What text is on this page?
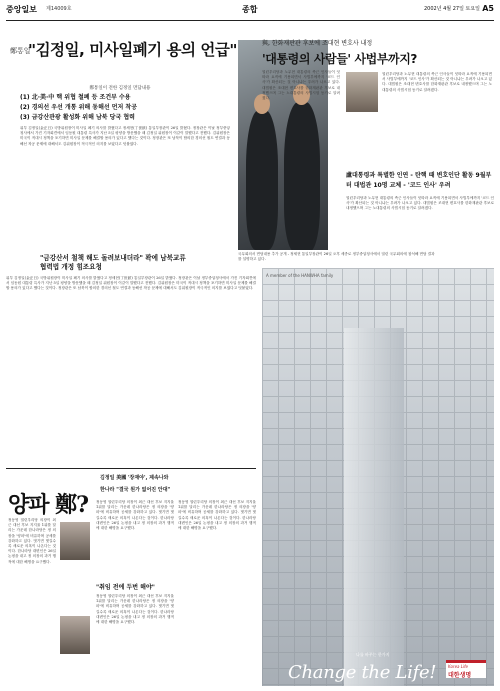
중앙일보 제14009호	종합	2002년 4월 27일 토요일 A5
鄭통일
"김정일, 미사일폐기 용의 언급"
鄭통일이 전한 김정일 면담내용
(1) 北·美·中 핵 위협 철폐 등 조건부 수용
(2) 경의선 우선 개통 위해 동해선 먼저 착공
(3) 금강산관광 활성화 위해 남북 당국 협력
위부 김정일(金正日) 국방위원장이 미사일 폐기 의사를 밝혔다고 정세현(丁世鉉) 통일부장관이 26일 밝혔다. 정장관은 이날 정부중앙청사에서 가진 기자회견에서 임동원 대통령 특사가 지난 5일 평양을 방문했을 때 김정일 위원장이 이같이 말했다고 전했다. 김위원장은 미국이 적대시 정책을 포기하면 미사일 문제를 해결할 용의가 있다고 했다는 것이다. 정장관은 또 남북이 합의한 경의선 철도 연결과 동해선 착공 문제에 대해서도 김위원장이 적극적인 의지를 보였다고 덧붙였다.
"금강산서 철책 해도 돌려보내더라" 꽉에 남북교류협력법 개정 힘조요청
위부 김정일(金正日) 국방위원장이 미사일 폐기 의사를 밝혔다고 정세현(丁世鉉) 통일부장관이 26일 밝혔다. 정장관은 이날 정부중앙청사에서 가진 기자회견에서 임동원 대통령 특사가 지난 5일 평양을 방문했을 때 김정일 위원장이 이같이 말했다고 전했다. 김위원장은 미국이 적대시 정책을 포기하면 미사일 문제를 해결할 용의가 있다고 했다는 것이다. 정장관은 또 남북이 합의한 경의선 철도 연결과 동해선 착공 문제에 대해서도 김위원장이 적극적인 의지를 보였다고 덧붙였다.
국무회의서 면담내용 추가 공개 - 정세현 통일부장관이 26일 오후 세종로 정부중앙청사에서 열린 국무회의에 참석해 면담 결과를 설명하고 있다.
與, 한화재판관 후보에 조대현 변호사 내정
'대통령의 사람들' 사법부까지?
열린우리당과 노무현 대통령의 측근 인사들이 잇따라 요직에 기용되면서 사법부에까지 '코드 인사'가 확산되는 것 아니냐는 우려가 나오고 있다. 대법원은 조대현 변호사를 한화재판관 후보로 내정했으며 그는 노대통령의 사법시험 동기로 알려졌다.
열린우리당과 노무현 대통령의 측근 인사들이 잇따라 요직에 기용되면서 사법부에까지 '코드 인사'가 확산되는 것 아니냐는 우려가 나오고 있다. 대법원은 조대현 변호사를 한화재판관 후보로 내정했으며 그는 노대통령의 사법시험 동기로 알려졌다.
盧대통령과 특별한 인연 - 탄핵 때 변호인단 활동 9월부터 대법관 10명 교체 - '코드 인사' 우려
열린우리당과 노무현 대통령의 측근 인사들이 잇따라 요직에 기용되면서 사법부에까지 '코드 인사'가 확산되는 것 아니냐는 우려가 나오고 있다. 대법원은 조대현 변호사를 한화재판관 후보로 내정했으며 그는 노대통령의 사법시험 동기로 알려졌다.
A member of the HANWHA family
나를 바꾸는 한가지
Change the Life!	Korea Life
대한생명
양파 鄭?
김정일 美國 '장재야', 제속나와
한나라 "결국 원가 없어진 안대"
정동영 열린우리당 의장이 최근 대선 후보 지지율 1위를 달리는 가운데 한나라당은 정 의장을 '양파'에 비유하며 공세를 강화하고 있다. 벗기면 벗길수록 새로운 의혹이 나온다는 것이다. 한나라당 대변인은 26일 논평을 내고 정 의장의 과거 행적에 대한 해명을 요구했다.
정동영 열린우리당 의장이 최근 대선 후보 지지율 1위를 달리는 가운데 한나라당은 정 의장을 '양파'에 비유하며 공세를 강화하고 있다. 벗기면 벗길수록 새로운 의혹이 나온다는 것이다. 한나라당 대변인은 26일 논평을 내고 정 의장의 과거 행적에 대한 해명을 요구했다.
"취임 전에 두번 해야"
정동영 열린우리당 의장이 최근 대선 후보 지지율 1위를 달리는 가운데 한나라당은 정 의장을 '양파'에 비유하며 공세를 강화하고 있다. 벗기면 벗길수록 새로운 의혹이 나온다는 것이다. 한나라당 대변인은 26일 논평을 내고 정 의장의 과거 행적에 대한 해명을 요구했다.
정동영 열린우리당 의장이 최근 대선 후보 지지율 1위를 달리는 가운데 한나라당은 정 의장을 '양파'에 비유하며 공세를 강화하고 있다. 벗기면 벗길수록 새로운 의혹이 나온다는 것이다. 한나라당 대변인은 26일 논평을 내고 정 의장의 과거 행적에 대한 해명을 요구했다.
